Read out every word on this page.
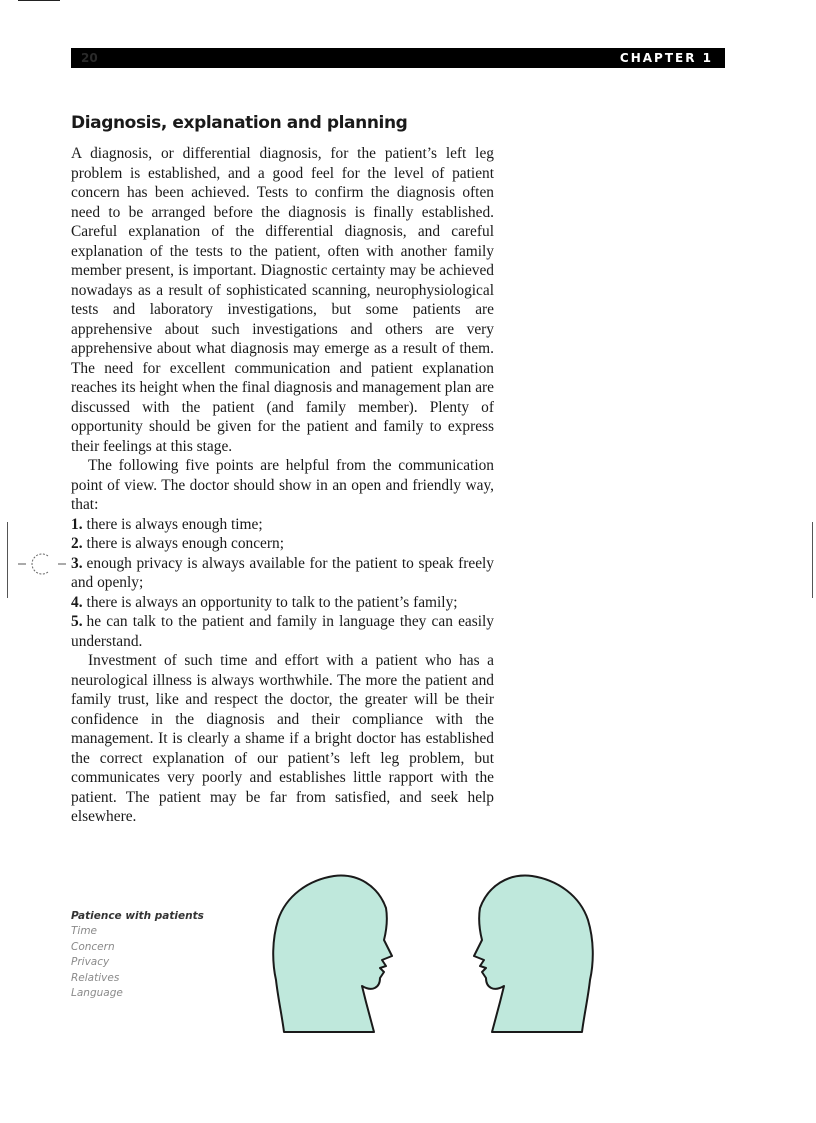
20	CHAPTER 1
Diagnosis, explanation and planning

A diagnosis, or differential diagnosis, for the patient’s left leg problem is established, and a good feel for the level of patient concern has been achieved. Tests to confirm the diagnosis often need to be arranged before the diagnosis is finally established. Careful explanation of the differential diagnosis, and careful explanation of the tests to the patient, often with another family member present, is important. Diagnostic certainty may be achieved nowadays as a result of sophisticated scanning, neurophysiological tests and laboratory investigations, but some patients are apprehensive about such investigations and others are very apprehensive about what diagnosis may emerge as a result of them. The need for excellent communication and patient explanation reaches its height when the final diagnosis and management plan are discussed with the patient (and family member). Plenty of opportunity should be given for the patient and family to express their feelings at this stage.

The following five points are helpful from the communication point of view. The doctor should show in an open and friendly way, that:

1. there is always enough time;

2. there is always enough concern;

3. enough privacy is always available for the patient to speak freely and openly;

4. there is always an opportunity to talk to the patient’s family;

5. he can talk to the patient and family in language they can easily understand.

Investment of such time and effort with a patient who has a neurological illness is always worthwhile. The more the patient and family trust, like and respect the doctor, the greater will be their confidence in the diagnosis and their compliance with the management. It is clearly a shame if a bright doctor has established the correct explanation of our patient’s left leg problem, but communicates very poorly and establishes little rapport with the patient. The patient may be far from satisfied, and seek help elsewhere.

Patience with patients
Time
Concern
Privacy
Relatives
Language
